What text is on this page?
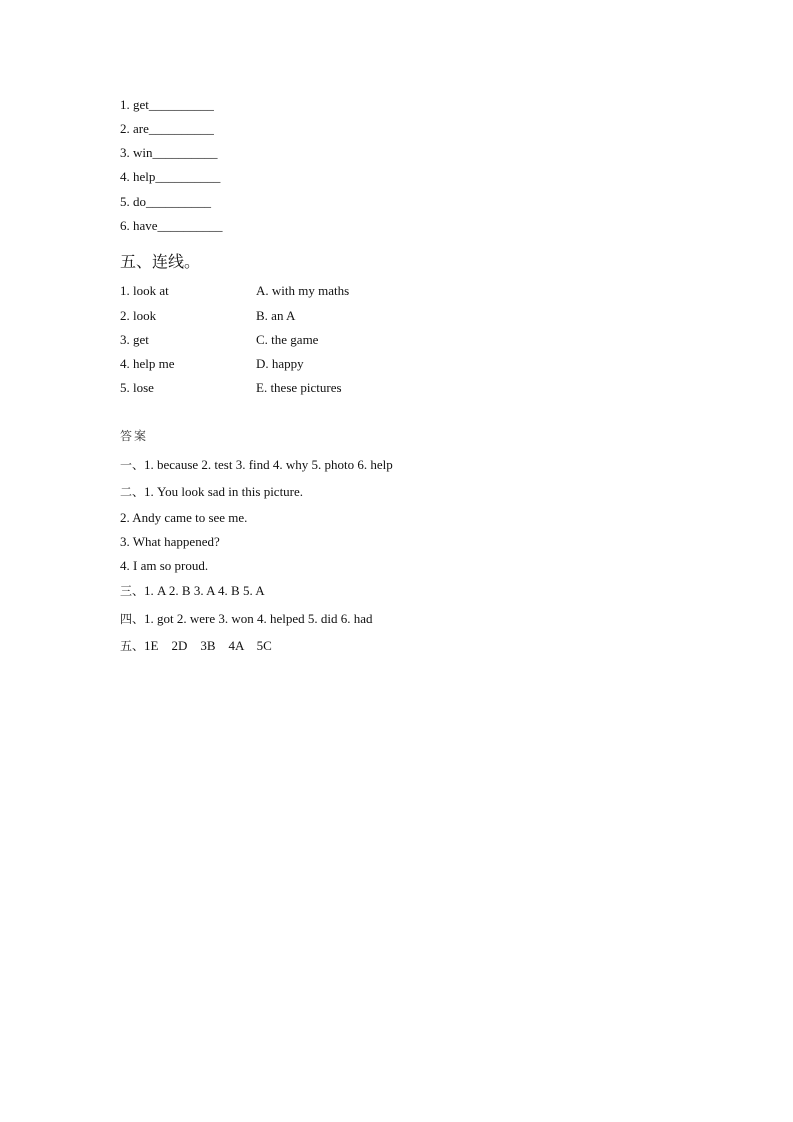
1. get__________
2. are__________
3. win__________
4. help__________
5. do__________
6. have__________
五、连线。
1. look at	A. with my maths
2. look	B. an A
3. get	C. the game
4. help me	D. happy
5. lose	E. these pictures
答案
一、1. because 2. test 3. find 4. why 5. photo 6. help
二、1. You look sad in this picture.
2. Andy came to see me.
3. What happened?
4. I am so proud.
三、1. A 2. B 3. A 4. B 5. A
四、1. got 2. were 3. won 4. helped 5. did 6. had
五、1E    2D    3B    4A    5C
